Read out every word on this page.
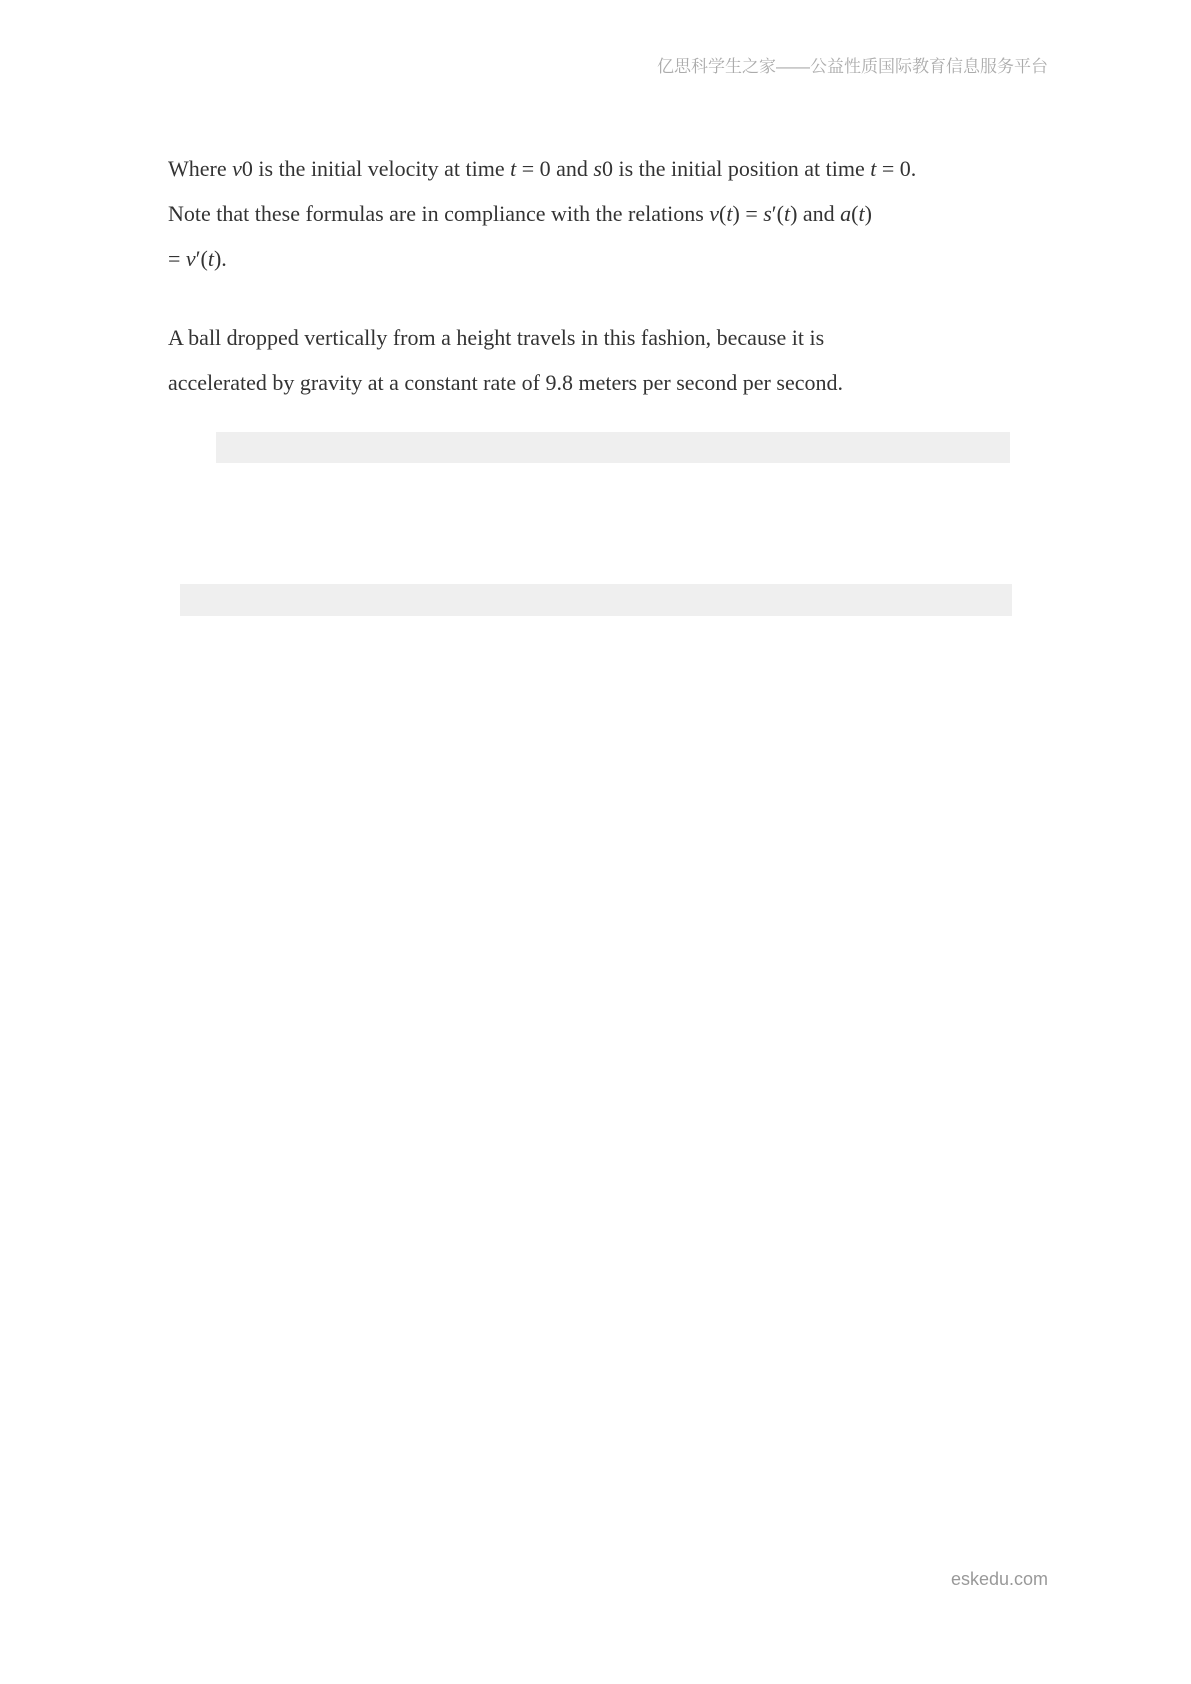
亿思科学生之家——公益性质国际教育信息服务平台
Where v0 is the initial velocity at time t = 0 and s0 is the initial position at time t = 0.
Note that these formulas are in compliance with the relations v(t) = s′(t) and a(t)
= v′(t).
A ball dropped vertically from a height travels in this fashion, because it is
accelerated by gravity at a constant rate of 9.8 meters per second per second.
eskedu.com
